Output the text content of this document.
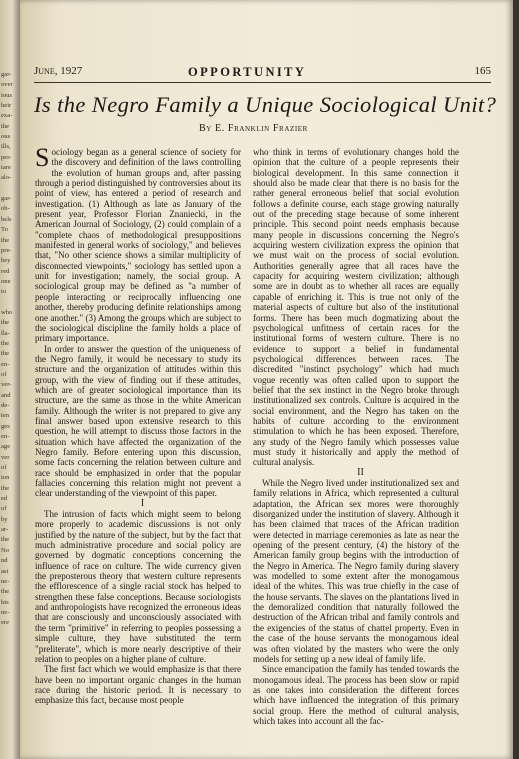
gar-
over
ious
heir
exa-
the
ous
ills,
per-
tare
alo-

gar-
ob-
bels
To
the
pre-
hey
red
one
to

who
the
lla-
the
the
en-
of
ver-
and
de-
ten
ges
en-
age
ver
of
ion
the
ed
of
by
ar-
the
No
nd
ast
ne-
the
his
ne-
ere
June, 1927	OPPORTUNITY	165
Is the Negro Family a Unique Sociological Unit?
By E. Franklin Frazier

Sociology began as a general science of society for the discovery and definition of the laws controlling the evolution of human groups and, after passing through a period distinguished by controversies about its point of view, has entered a period of research and investigation. (1) Although as late as January of the present year, Professor Florian Znaniecki, in the American Journal of Sociology, (2) could complain of a "complete chaos of methodological presuppositions manifested in general works of sociology," and believes that, "No other science shows a similar multiplicity of disconnected viewpoints," sociology has settled upon a unit for investigation; namely, the social group. A sociological group may be defined as "a number of people interacting or reciprocally influencing one another, thereby producing definite relationships among one another." (3) Among the groups which are subject to the sociological discipline the family holds a place of primary importance.

In order to answer the question of the uniqueness of the Negro family, it would be necessary to study its structure and the organization of attitudes within this group, with the view of finding out if these attitudes, which are of greater sociological importance than its structure, are the same as those in the white American family. Although the writer is not prepared to give any final answer based upon extensive research to this question, he will attempt to discuss those factors in the situation which have affected the organization of the Negro family. Before entering upon this discussion, some facts concerning the relation between culture and race should be emphasized in order that the popular fallacies concerning this relation might not prevent a clear understanding of the viewpoint of this paper.

I

The intrusion of facts which might seem to belong more properly to academic discussions is not only justified by the nature of the subject, but by the fact that much administrative procedure and social policy are governed by dogmatic conceptions concerning the influence of race on culture. The wide currency given the preposterous theory that western culture represents the efflorescence of a single racial stock has helped to strengthen these false conceptions. Because sociologists and anthropologists have recognized the erroneous ideas that are consciously and unconsciously associated with the term "primitive" in referring to peoples possessing a simple culture, they have substituted the term "preliterate", which is more nearly descriptive of their relation to peoples on a higher plane of culture.

The first fact which we would emphasize is that there have been no important organic changes in the human race during the historic period. It is necessary to emphasize this fact, because most people

who think in terms of evolutionary changes hold the opinion that the culture of a people represents their biological development. In this same connection it should also be made clear that there is no basis for the rather general erroneous belief that social evolution follows a definite course, each stage growing naturally out of the preceding stage because of some inherent principle. This second point needs emphasis because many people in discussions concerning the Negro's acquiring western civilization express the opinion that we must wait on the process of social evolution. Authorities generally agree that all races have the capacity for acquiring western civilization; although some are in doubt as to whether all races are equally capable of enriching it. This is true not only of the material aspects of culture but also of the institutional forms. There has been much dogmatizing about the psychological unfitness of certain races for the institutional forms of western culture. There is no evidence to support a belief in fundamental psychological differences between races. The discredited "instinct psychology" which had much vogue recently was often called upon to support the belief that the sex instinct in the Negro broke through institutionalized sex controls. Culture is acquired in the social environment, and the Negro has taken on the habits of culture according to the environment stimulation to which he has been exposed. Therefore, any study of the Negro family which possesses value must study it historically and apply the method of cultural analysis.

II

While the Negro lived under institutionalized sex and family relations in Africa, which represented a cultural adaptation, the African sex mores were thoroughly disorganized under the institution of slavery. Although it has been claimed that traces of the African tradition were detected in marriage ceremonies as late as near the opening of the present century, (4) the history of the American family group begins with the introduction of the Negro in America. The Negro family during slavery was modelled to some extent after the monogamous ideal of the whites. This was true chiefly in the case of the house servants. The slaves on the plantations lived in the demoralized condition that naturally followed the destruction of the African tribal and family controls and the exigencies of the status of chattel property. Even in the case of the house servants the monogamous ideal was often violated by the masters who were the only models for setting up a new ideal of family life.

Since emancipation the family has tended towards the monogamous ideal. The process has been slow or rapid as one takes into consideration the different forces which have influenced the integration of this primary social group. Here the method of cultural analysis, which takes into account all the fac-
